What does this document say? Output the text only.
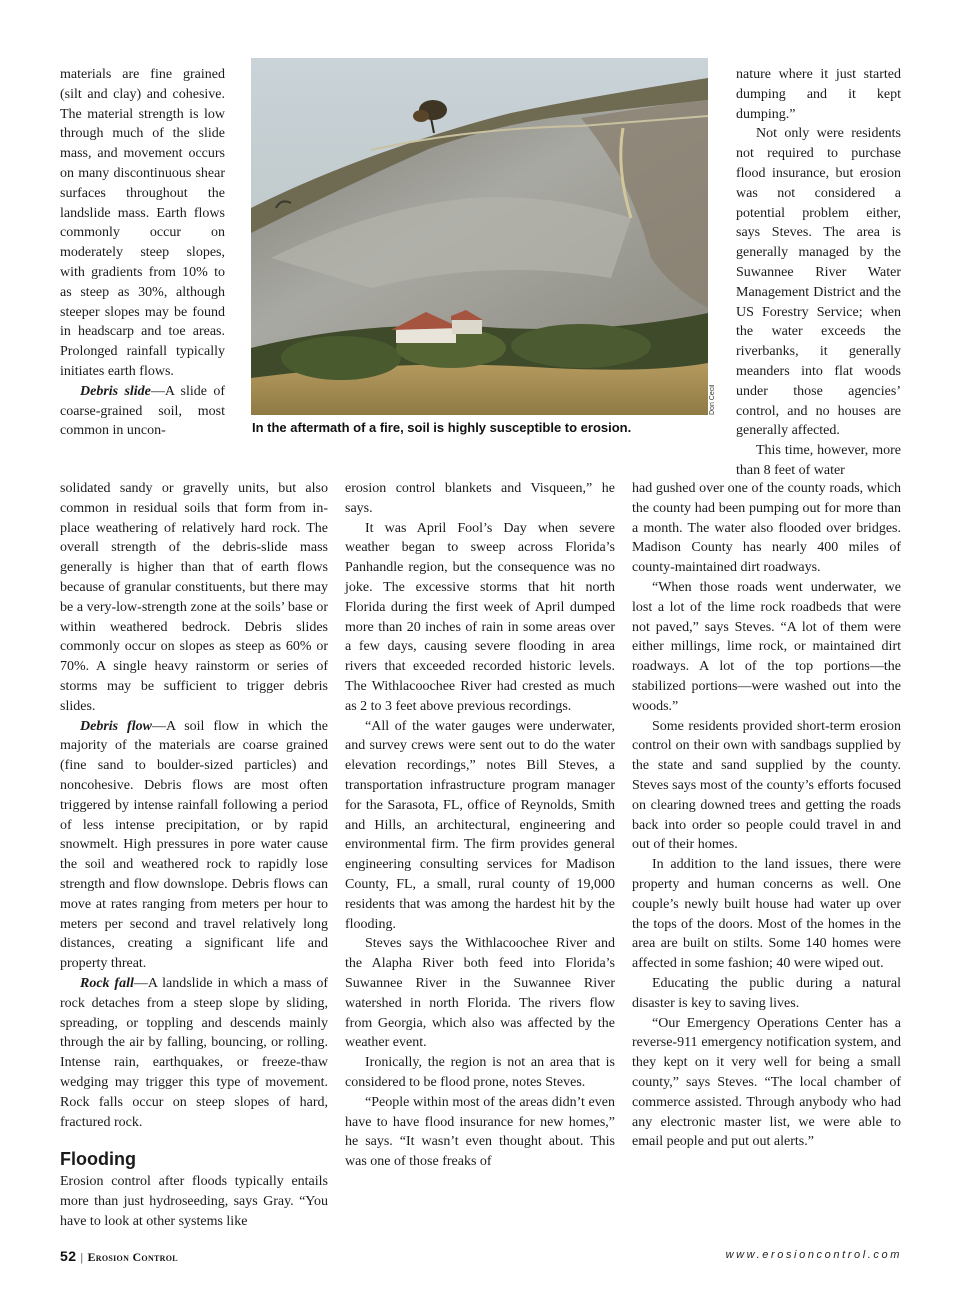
materials are fine grained (silt and clay) and cohesive. The material strength is low through much of the slide mass, and movement occurs on many discontinuous shear surfaces throughout the landslide mass. Earth flows commonly occur on moderately steep slopes, with gradients from 10% to as steep as 30%, although steeper slopes may be found in headscarp and toe areas. Prolonged rainfall typically initiates earth flows.

Debris slide—A slide of coarse-grained soil, most common in uncon-

Don Cecil
In the aftermath of a fire, soil is highly susceptible to erosion.

nature where it just started dumping and it kept dumping.”

Not only were residents not required to purchase flood insurance, but erosion was not considered a potential problem either, says Steves. The area is generally managed by the Suwannee River Water Management District and the US Forestry Service; when the water exceeds the riverbanks, it generally meanders into flat woods under those agencies’ control, and no houses are generally affected.

This time, however, more than 8 feet of water

solidated sandy or gravelly units, but also common in residual soils that form from in-place weathering of relatively hard rock. The overall strength of the debris-slide mass generally is higher than that of earth flows because of granular constituents, but there may be a very-low-strength zone at the soils’ base or within weathered bedrock. Debris slides commonly occur on slopes as steep as 60% or 70%. A single heavy rainstorm or series of storms may be sufficient to trigger debris slides.

Debris flow—A soil flow in which the majority of the materials are coarse grained (fine sand to boulder-sized particles) and noncohesive. Debris flows are most often triggered by intense rainfall following a period of less intense precipitation, or by rapid snowmelt. High pressures in pore water cause the soil and weathered rock to rapidly lose strength and flow downslope. Debris flows can move at rates ranging from meters per hour to meters per second and travel relatively long distances, creating a significant life and property threat.

Rock fall—A landslide in which a mass of rock detaches from a steep slope by sliding, spreading, or toppling and descends mainly through the air by falling, bouncing, or rolling. Intense rain, earthquakes, or freeze-thaw wedging may trigger this type of movement. Rock falls occur on steep slopes of hard, fractured rock.

Flooding

Erosion control after floods typically entails more than just hydroseeding, says Gray. “You have to look at other systems like

erosion control blankets and Visqueen,” he says.

It was April Fool’s Day when severe weather began to sweep across Florida’s Panhandle region, but the consequence was no joke. The excessive storms that hit north Florida during the first week of April dumped more than 20 inches of rain in some areas over a few days, causing severe flooding in area rivers that exceeded recorded historic levels. The Withlacoochee River had crested as much as 2 to 3 feet above previous recordings.

“All of the water gauges were underwater, and survey crews were sent out to do the water elevation recordings,” notes Bill Steves, a transportation infrastructure program manager for the Sarasota, FL, office of Reynolds, Smith and Hills, an architectural, engineering and environmental firm. The firm provides general engineering consulting services for Madison County, FL, a small, rural county of 19,000 residents that was among the hardest hit by the flooding.

Steves says the Withlacoochee River and the Alapha River both feed into Florida’s Suwannee River in the Suwannee River watershed in north Florida. The rivers flow from Georgia, which also was affected by the weather event.

Ironically, the region is not an area that is considered to be flood prone, notes Steves.

“People within most of the areas didn’t even have to have flood insurance for new homes,” he says. “It wasn’t even thought about. This was one of those freaks of

had gushed over one of the county roads, which the county had been pumping out for more than a month. The water also flooded over bridges. Madison County has nearly 400 miles of county-maintained dirt roadways.

“When those roads went underwater, we lost a lot of the lime rock roadbeds that were not paved,” says Steves. “A lot of them were either millings, lime rock, or maintained dirt roadways. A lot of the top portions—the stabilized portions—were washed out into the woods.”

Some residents provided short-term erosion control on their own with sandbags supplied by the state and sand supplied by the county. Steves says most of the county’s efforts focused on clearing downed trees and getting the roads back into order so people could travel in and out of their homes.

In addition to the land issues, there were property and human concerns as well. One couple’s newly built house had water up over the tops of the doors. Most of the homes in the area are built on stilts. Some 140 homes were affected in some fashion; 40 were wiped out.

Educating the public during a natural disaster is key to saving lives.

“Our Emergency Operations Center has a reverse-911 emergency notification system, and they kept on it very well for being a small county,” says Steves. “The local chamber of commerce assisted. Through anybody who had any electronic master list, we were able to email people and put out alerts.”

52 | Erosion Control	www.erosioncontrol.com
